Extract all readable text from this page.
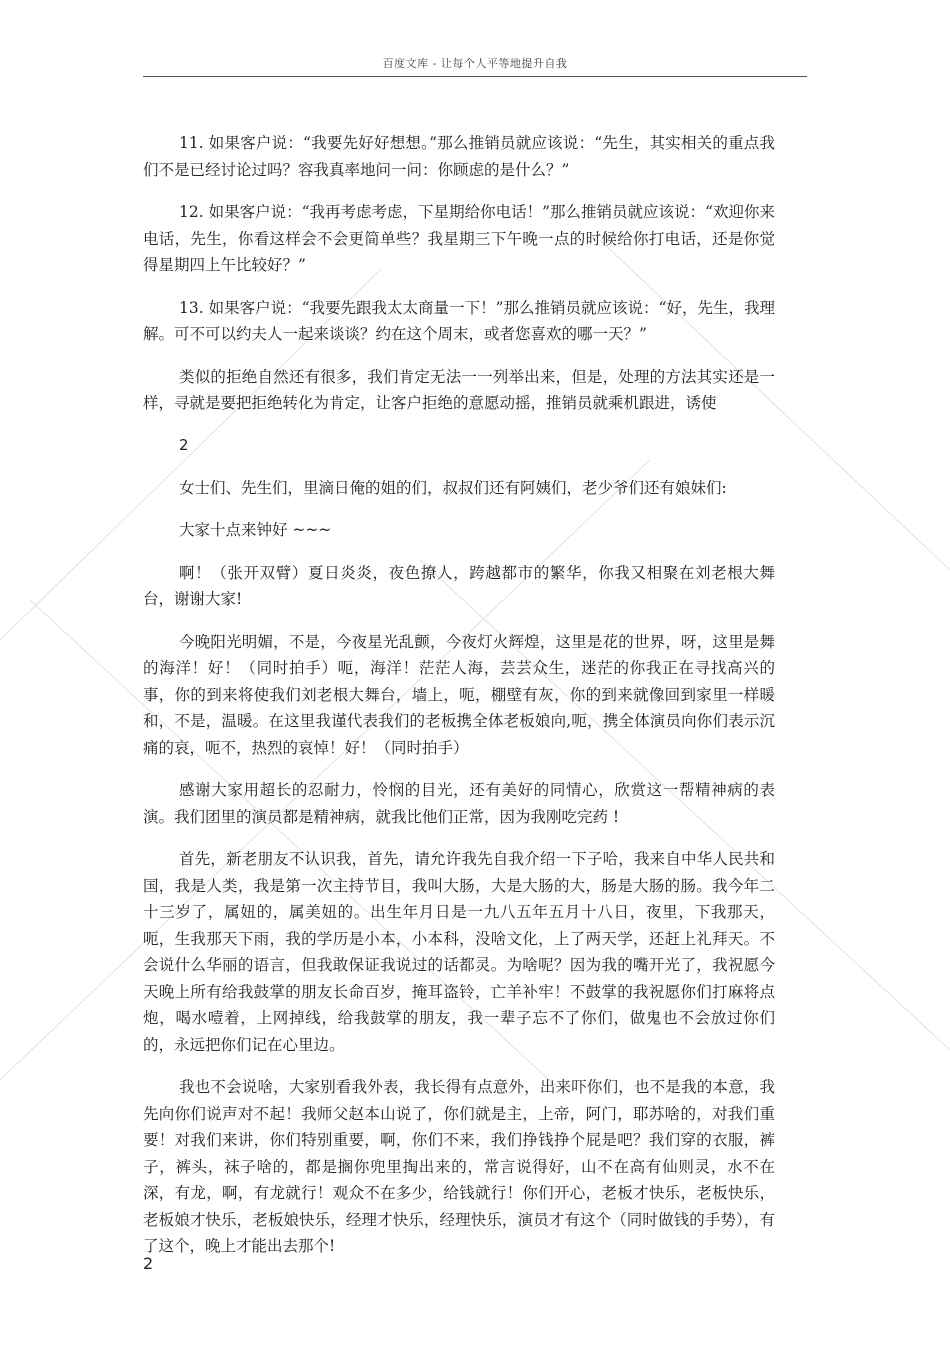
百度文库 - 让每个人平等地提升自我

11. 如果客户说：“我要先好好想想。”那么推销员就应该说：“先生，其实相关的重点我们不是已经讨论过吗？容我真率地问一问：你顾虑的是什么？”

12. 如果客户说：“我再考虑考虑，下星期给你电话！”那么推销员就应该说：“欢迎你来电话，先生，你看这样会不会更简单些？我星期三下午晚一点的时候给你打电话，还是你觉得星期四上午比较好？”

13. 如果客户说：“我要先跟我太太商量一下！”那么推销员就应该说：“好，先生，我理解。可不可以约夫人一起来谈谈？约在这个周末，或者您喜欢的哪一天？”

类似的拒绝自然还有很多，我们肯定无法一一列举出来，但是，处理的方法其实还是一样，寻就是要把拒绝转化为肯定，让客户拒绝的意愿动摇，推销员就乘机跟进，诱使

2

女士们、先生们，里滴日俺的姐的们，叔叔们还有阿姨们，老少爷们还有娘妹们:

大家十点来钟好 ~~~

啊！（张开双臂）夏日炎炎，夜色撩人，跨越都市的繁华，你我又相聚在刘老根大舞台，谢谢大家!

今晚阳光明媚，不是，今夜星光乱颤，今夜灯火辉煌，这里是花的世界，呀，这里是舞的海洋！好！（同时拍手）呃，海洋！茫茫人海，芸芸众生，迷茫的你我正在寻找高兴的事，你的到来将使我们刘老根大舞台，墙上，呃，棚壁有灰，你的到来就像回到家里一样暖和，不是，温暖。在这里我谨代表我们的老板携全体老板娘向,呃，携全体演员向你们表示沉痛的哀，呃不，热烈的哀悼！好！（同时拍手）

感谢大家用超长的忍耐力，怜悯的目光，还有美好的同情心，欣赏这一帮精神病的表演。我们团里的演员都是精神病，就我比他们正常，因为我刚吃完药 !

首先，新老朋友不认识我，首先，请允许我先自我介绍一下子哈，我来自中华人民共和国，我是人类，我是第一次主持节目，我叫大肠，大是大肠的大，肠是大肠的肠。我今年二十三岁了，属妞的，属美妞的。出生年月日是一九八五年五月十八日，夜里，下我那天，呃，生我那天下雨，我的学历是小本，小本科，没啥文化，上了两天学，还赶上礼拜天。不会说什么华丽的语言，但我敢保证我说过的话都灵。为啥呢？因为我的嘴开光了，我祝愿今天晚上所有给我鼓掌的朋友长命百岁，掩耳盗铃，亡羊补牢！不鼓掌的我祝愿你们打麻将点炮，喝水噎着，上网掉线，给我鼓掌的朋友，我一辈子忘不了你们，做鬼也不会放过你们的，永远把你们记在心里边。

我也不会说啥，大家别看我外表，我长得有点意外，出来吓你们，也不是我的本意，我先向你们说声对不起！我师父赵本山说了，你们就是主，上帝，阿门，耶苏啥的，对我们重要！对我们来讲，你们特别重要，啊，你们不来，我们挣钱挣个屁是吧？我们穿的衣服，裤子，裤头，袜子啥的，都是搁你兜里掏出来的，常言说得好，山不在高有仙则灵，水不在深，有龙，啊，有龙就行！观众不在多少，给钱就行！你们开心，老板才快乐，老板快乐，老板娘才快乐，老板娘快乐，经理才快乐，经理快乐，演员才有这个（同时做钱的手势），有了这个，晚上才能出去那个!

2
